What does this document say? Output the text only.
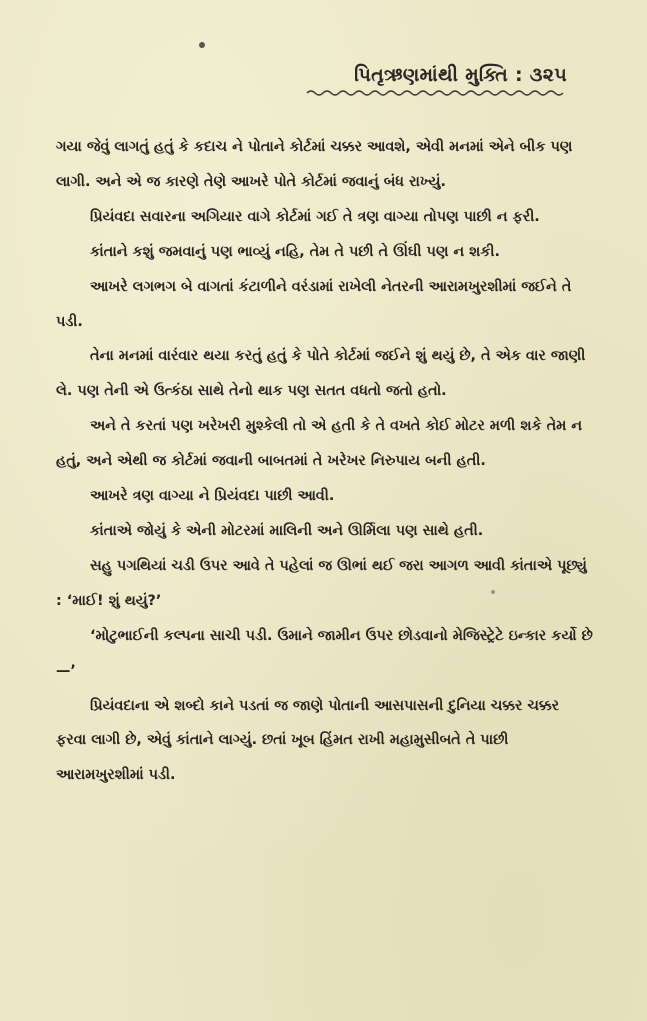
પિતૃઋણમાંથી મુક્તિ : ૩૨૫

ગયા જેવું લાગતું હતું કે કદાચ ને પોતાને કોર્ટમાં ચક્કર આવશે, એવી મનમાં એને બીક પણ લાગી. અને એ જ કારણે તેણે આખરે પોતે કોર્ટમાં જવાનું બંધ રાખ્યું.

પ્રિયંવદા સવારના અગિયાર વાગે કોર્ટમાં ગઈ તે ત્રણ વાગ્યા તોપણ પાછી ન ફરી.

કાંતાને કશું જમવાનું પણ ભાવ્યું નહિ, તેમ તે પછી તે ઊંઘી પણ ન શકી.

આખરે લગભગ બે વાગતાં કંટાળીને વરંડામાં રાખેલી નેતરની આરામખુરશીમાં જઈને તે પડી.

તેના મનમાં વારંવાર થયા કરતું હતું કે પોતે કોર્ટમાં જઈને શું થયું છે, તે એક વાર જાણી લે. પણ તેની એ ઉત્કંઠા સાથે તેનો થાક પણ સતત વધતો જતો હતો.

અને તે કરતાં પણ ખરેખરી મુશ્કેલી તો એ હતી કે તે વખતે કોઈ મોટર મળી શકે તેમ ન હતું, અને એથી જ કોર્ટમાં જવાની બાબતમાં તે ખરેખર નિરુપાય બની હતી.

આખરે ત્રણ વાગ્યા ને પ્રિયંવદા પાછી આવી.

કાંતાએ જોયું કે એની મોટરમાં માલિની અને ઊર્મિલા પણ સાથે હતી.

સહુ પગથિયાં ચડી ઉપર આવે તે પહેલાં જ ઊભાં થઈ જરા આગળ આવી કાંતાએ પૂછ્યું : ‘માઈ! શું થયું?’

‘મોટુભાઈની કલ્પના સાચી પડી. ઉમાને જામીન ઉપર છોડવાનો મેજિસ્ટ્રેટે ઇન્કાર કર્યો છે —’

પ્રિયંવદાના એ શબ્દો કાને પડતાં જ જાણે પોતાની આસપાસની દુનિયા ચક્કર ચક્કર ફરવા લાગી છે, એવું કાંતાને લાગ્યું. છતાં ખૂબ હિંમત રાખી મહામુસીબતે તે પાછી આરામખુરશીમાં પડી.
